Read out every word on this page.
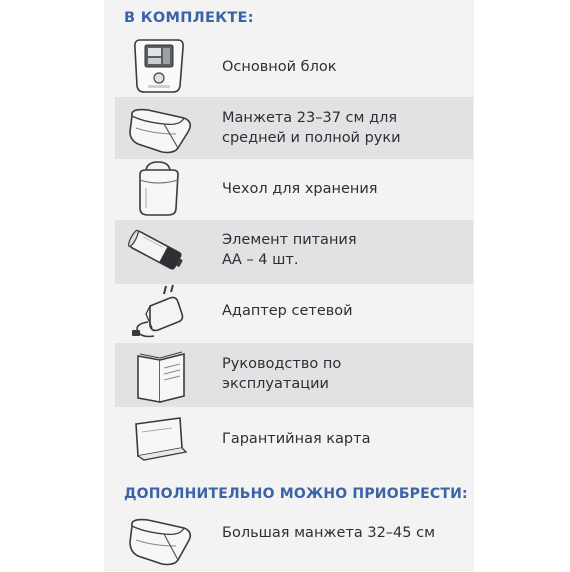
В КОМПЛЕКТЕ:
Основной блок
Манжета 23–37 см для
средней и полной руки
Чехол для хранения
Элемент питания
АА – 4 шт.
Адаптер сетевой
Руководство по
эксплуатации
Гарантийная карта
ДОПОЛНИТЕЛЬНО МОЖНО ПРИОБРЕСТИ:
Большая манжета 32–45 см
